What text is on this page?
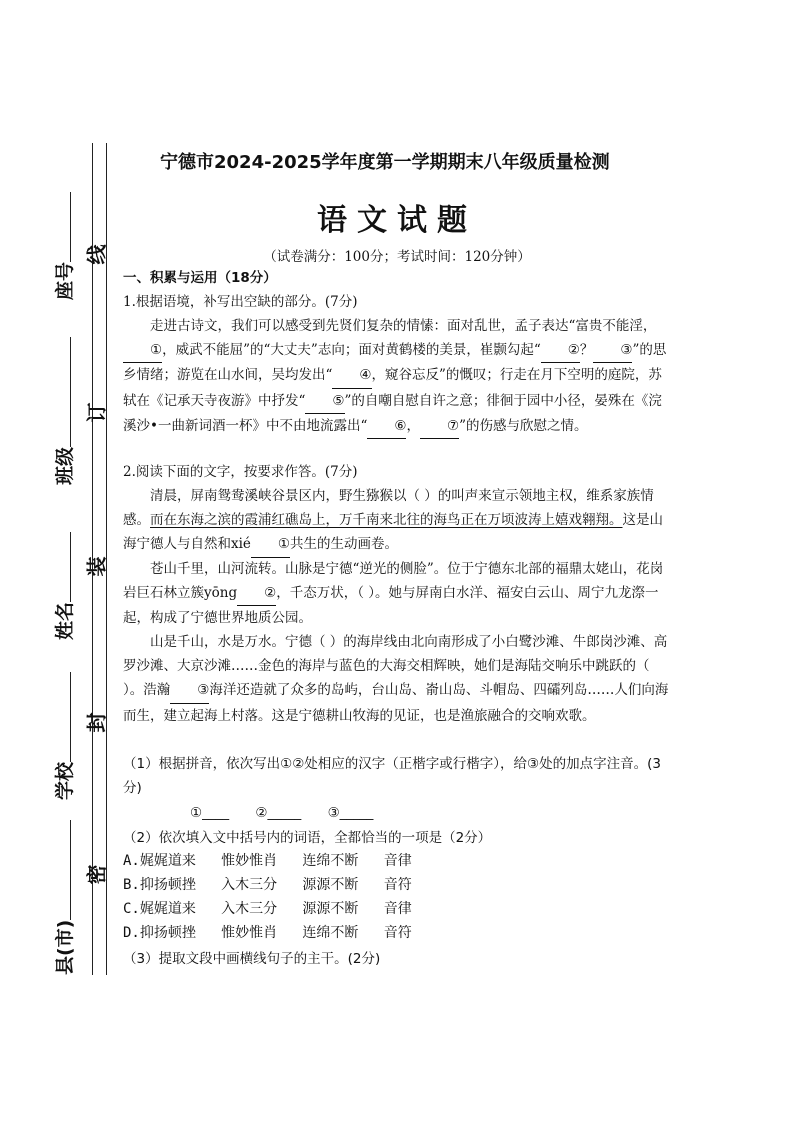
座号
班级
姓名
学校
县(市)
线
订
装
封
密
宁德市2024-2025学年度第一学期期末八年级质量检测
语文试题
（试卷满分：100分；考试时间：120分钟）
一、积累与运用（18分）
1.根据语境，补写出空缺的部分。(7分)
走进古诗文，我们可以感受到先贤们复杂的情愫：面对乱世，孟子表达“富贵不能淫，①，威武不能屈”的“大丈夫”志向；面对黄鹤楼的美景，崔颢勾起“ ②？ ③”的思乡情绪；游览在山水间，吴均发出“ ④，窥谷忘反”的慨叹；行走在月下空明的庭院，苏轼在《记承天寺夜游》中抒发“ ⑤”的自嘲自慰自许之意；徘徊于园中小径，晏殊在《浣溪沙•一曲新词酒一杯》中不由地流露出“ ⑥， ⑦”的伤感与欣慰之情。
2.阅读下面的文字，按要求作答。(7分)
清晨，屏南鸳鸯溪峡谷景区内，野生猕猴以（ ）的叫声来宣示领地主权，维系家族情感。而在东海之滨的霞浦红礁岛上，万千南来北往的海鸟正在万顷波涛上嬉戏翱翔。这是山海宁德人与自然和xié ①共生的生动画卷。
苍山千里，山河流转。山脉是宁德“逆光的侧脸”。位于宁德东北部的福鼎太姥山，花岗岩巨石林立簇yōng ②，千态万状，（ ）。她与屏南白水洋、福安白云山、周宁九龙漈一起，构成了宁德世界地质公园。
山是千山，水是万水。宁德（ ）的海岸线由北向南形成了小白鹭沙滩、牛郎岗沙滩、高罗沙滩、大京沙滩……金色的海岸与蓝色的大海交相辉映，她们是海陆交响乐中跳跃的（ ）。浩瀚 ③海洋还造就了众多的岛屿，台山岛、嵛山岛、斗帽岛、四礵列岛……人们向海而生，建立起海上村落。这是宁德耕山牧海的见证，也是渔旅融合的交响欢歌。
（1）根据拼音，依次写出①②处相应的汉字（正楷字或行楷字），给③处的加点字注音。(3分)
①____ ②_____ ③_____
（2）依次填入文中括号内的词语，全都恰当的一项是（2分）
A.娓娓道来   惟妙惟肖   连绵不断   音律
B.抑扬顿挫   入木三分   源源不断   音符
C.娓娓道来   入木三分   源源不断   音律
D.抑扬顿挫   惟妙惟肖   连绵不断   音符
（3）提取文段中画横线句子的主干。(2分)
